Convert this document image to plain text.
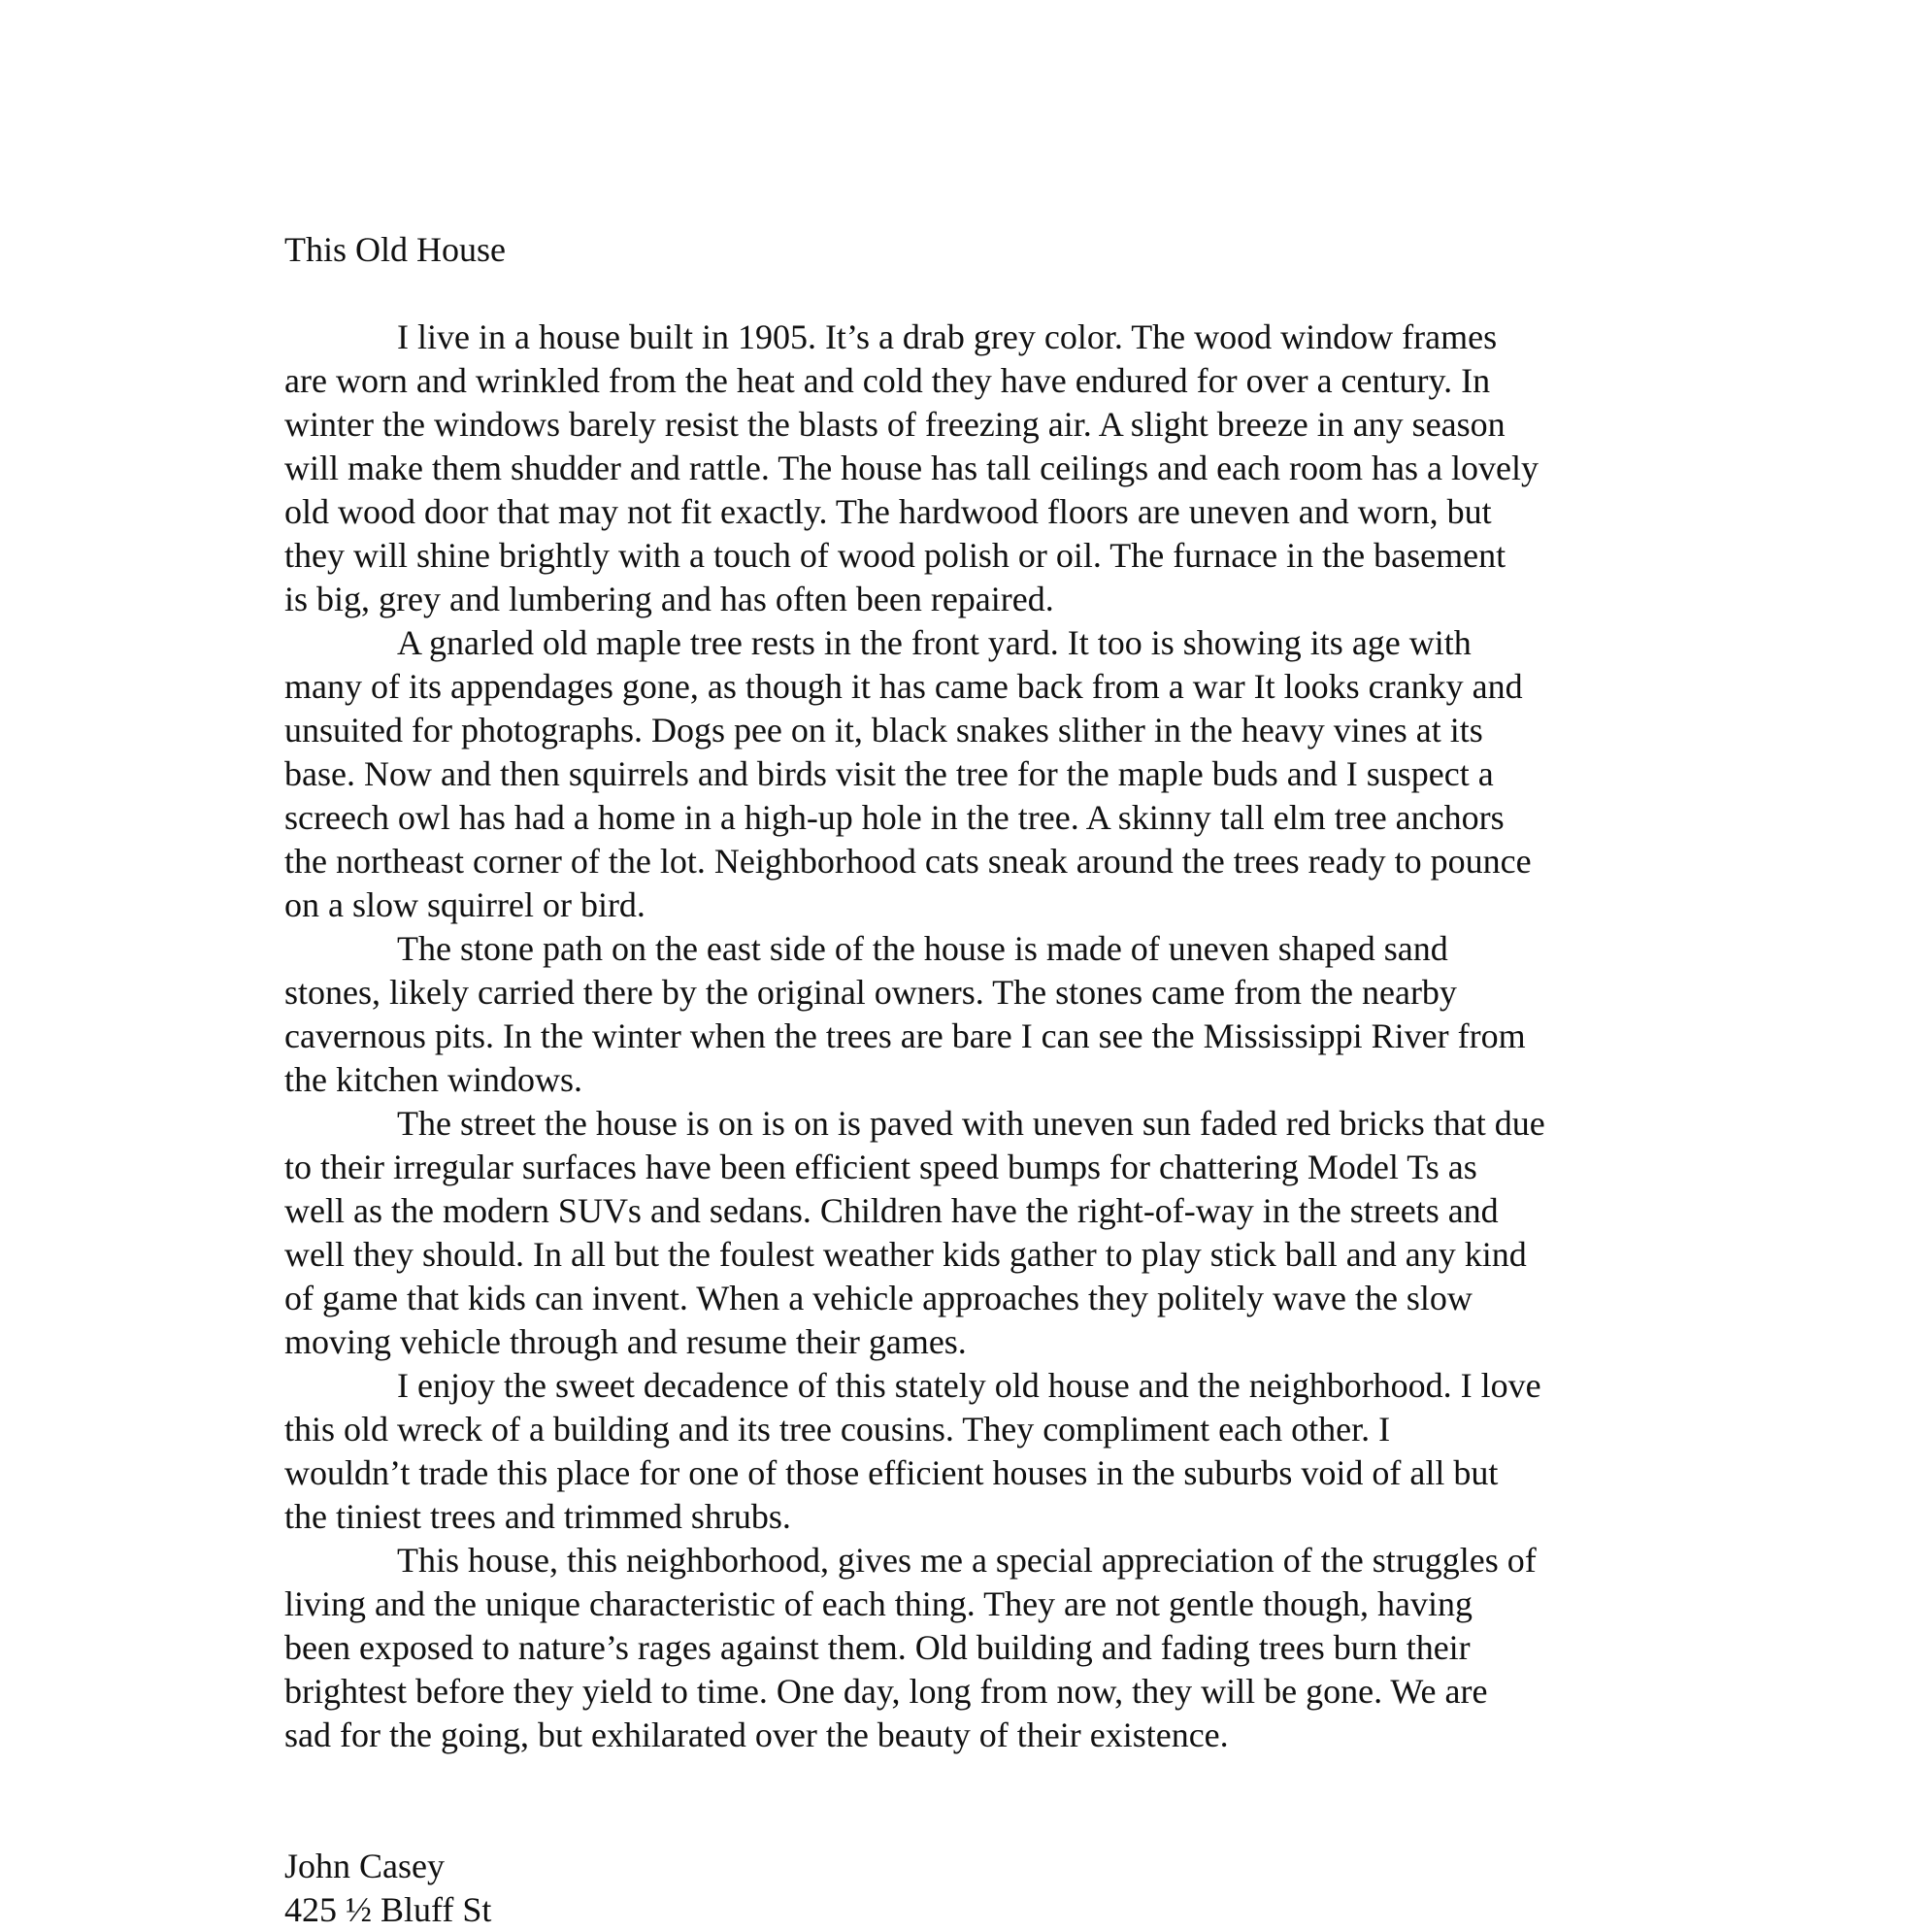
This Old House
I live in a house built in 1905. It’s a drab grey color. The wood window frames
are worn and wrinkled from the heat and cold they have endured for over a century. In
winter the windows barely resist the blasts of freezing air. A slight breeze in any season
will make them shudder and rattle. The house has tall ceilings and each room has a lovely
old wood door that may not fit exactly. The hardwood floors are uneven and worn, but
they will shine brightly with a touch of wood polish or oil. The furnace in the basement
is big, grey and lumbering and has often been repaired.
A gnarled old maple tree rests in the front yard. It too is showing its age with
many of its appendages gone, as though it has came back from a war It looks cranky and
unsuited for photographs. Dogs pee on it, black snakes slither in the heavy vines at its
base. Now and then squirrels and birds visit the tree for the maple buds and I suspect a
screech owl has had a home in a high-up hole in the tree. A skinny tall elm tree anchors
the northeast corner of the lot. Neighborhood cats sneak around the trees ready to pounce
on a slow squirrel or bird.
The stone path on the east side of the house is made of uneven shaped sand
stones, likely carried there by the original owners. The stones came from the nearby
cavernous pits. In the winter when the trees are bare I can see the Mississippi River from
the kitchen windows.
The street the house is on is on is paved with uneven sun faded red bricks that due
to their irregular surfaces have been efficient speed bumps for chattering Model Ts as
well as the modern SUVs and sedans. Children have the right-of-way in the streets and
well they should. In all but the foulest weather kids gather to play stick ball and any kind
of game that kids can invent. When a vehicle approaches they politely wave the slow
moving vehicle through and resume their games.
I enjoy the sweet decadence of this stately old house and the neighborhood. I love
this old wreck of a building and its tree cousins. They compliment each other. I
wouldn’t trade this place for one of those efficient houses in the suburbs void of all but
the tiniest trees and trimmed shrubs.
This house, this neighborhood, gives me a special appreciation of the struggles of
living and the unique characteristic of each thing. They are not gentle though, having
been exposed to nature’s rages against them. Old building and fading trees burn their
brightest before they yield to time. One day, long from now, they will be gone. We are
sad for the going, but exhilarated over the beauty of their existence.
John Casey
425 ½ Bluff St
